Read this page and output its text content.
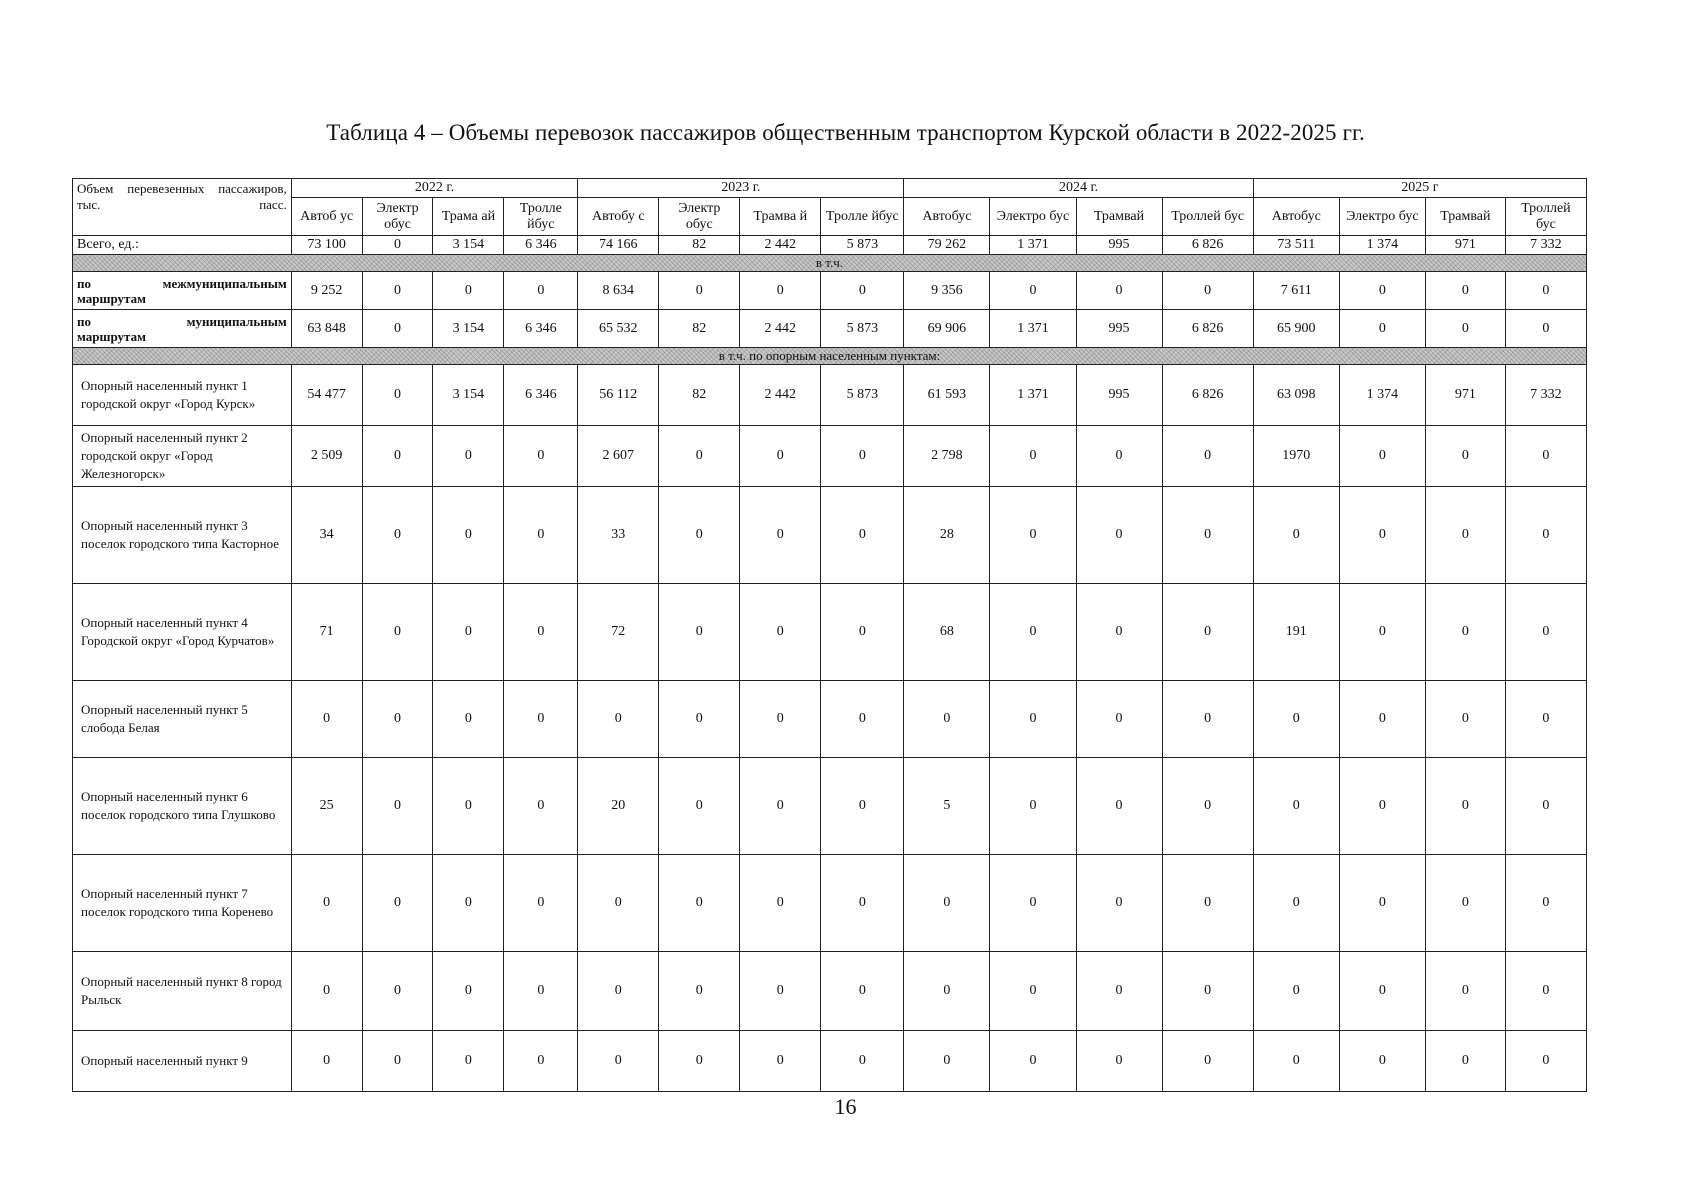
Таблица 4 – Объемы перевозок пассажиров общественным транспортом Курской области в 2022-2025 гг.
Объем перевезенных пассажиров, тыс. пасс.	2022 г.				2023 г.				2024 г.				2025 г			
	Автоб ус	Электр обус	Трама ай	Тролле йбус	Автобу с	Электр обус	Трамва й	Тролле йбус	Автобус	Электро бус	Трамвай	Троллей бус	Автобус	Электро бус	Трамвай	Троллей бус
Всего, ед.:	73 100	0	3 154	6 346	74 166	82	2 442	5 873	79 262	1 371	995	6 826	73 511	1 374	971	7 332
в т.ч.																

по межмуниципальным
маршрутам	9 252	0	0	0	8 634	0	0	0	9 356	0	0	0	7 611	0	0	0

по муниципальным
маршрутам	63 848	0	3 154	6 346	65 532	82	2 442	5 873	69 906	1 371	995	6 826	65 900	0	0	0
в т.ч. по опорным населенным пунктам:																
Опорный населенный пункт 1 городской округ «Город Курск»	54 477	0	3 154	6 346	56 112	82	2 442	5 873	61 593	1 371	995	6 826	63 098	1 374	971	7 332
Опорный населенный пункт 2 городской округ «Город Железногорск»	2 509	0	0	0	2 607	0	0	0	2 798	0	0	0	1970	0	0	0
Опорный населенный пункт 3 поселок городского типа Касторное	34	0	0	0	33	0	0	0	28	0	0	0	0	0	0	0
Опорный населенный пункт 4 Городской округ «Город Курчатов»	71	0	0	0	72	0	0	0	68	0	0	0	191	0	0	0
Опорный населенный пункт 5 слобода Белая	0	0	0	0	0	0	0	0	0	0	0	0	0	0	0	0
Опорный населенный пункт 6 поселок городского типа Глушково	25	0	0	0	20	0	0	0	5	0	0	0	0	0	0	0
Опорный населенный пункт 7 поселок городского типа Коренево	0	0	0	0	0	0	0	0	0	0	0	0	0	0	0	0
Опорный населенный пункт 8 город Рыльск	0	0	0	0	0	0	0	0	0	0	0	0	0	0	0	0
Опорный населенный пункт 9	0	0	0	0	0	0	0	0	0	0	0	0	0	0	0	0
16
